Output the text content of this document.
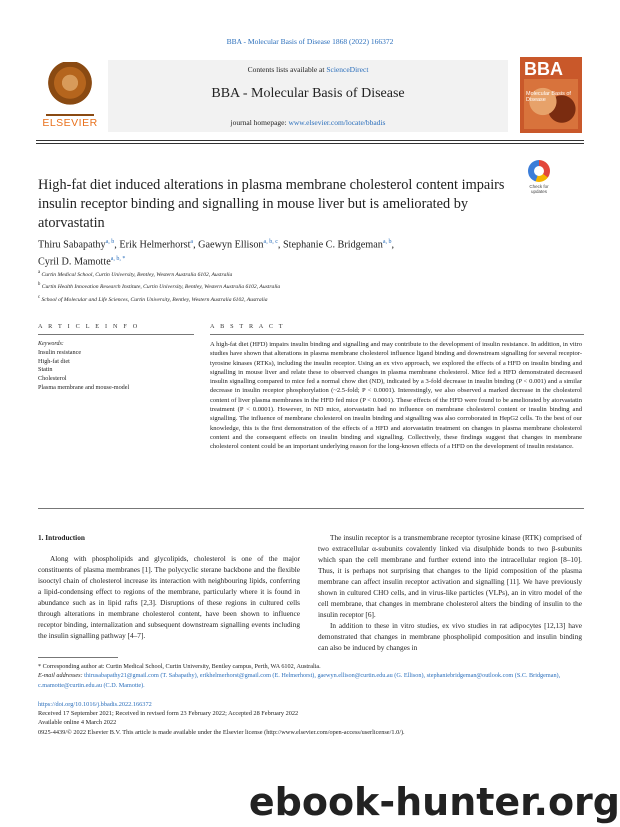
BBA - Molecular Basis of Disease 1868 (2022) 166372
ELSEVIER
Contents lists available at ScienceDirect
BBA - Molecular Basis of Disease
journal homepage: www.elsevier.com/locate/bbadis
BBA
Molecular Basis of Disease
High-fat diet induced alterations in plasma membrane cholesterol content impairs insulin receptor binding and signalling in mouse liver but is ameliorated by atorvastatin
Check for updates
Thiru Sabapathy$^{a, b}$, Erik Helmerhorst$^a$, Gaewyn Ellison$^{a, b, c}$, Stephanie C. Bridgeman$^{a, b}$,
Cyril D. Mamotte$^{a, b, *}$
$^a$ Curtin Medical School, Curtin University, Bentley, Western Australia 6102, Australia
$^b$ Curtin Health Innovation Research Institute, Curtin University, Bentley, Western Australia 6102, Australia
$^c$ School of Molecular and Life Sciences, Curtin University, Bentley, Western Australia 6102, Australia
A R T I C L E I N F O	A B S T R A C T
Keywords:
Insulin resistance
High-fat diet
Statin
Cholesterol
Plasma membrane and mouse-model
A high-fat diet (HFD) impairs insulin binding and signalling and may contribute to the development of insulin resistance. In addition, in vitro studies have shown that alterations in plasma membrane cholesterol influence ligand binding and downstream signalling for several receptor-tyrosine kinases (RTKs), including the insulin receptor. Using an ex vivo approach, we explored the effects of a HFD on insulin binding and signalling in mouse liver and relate these to observed changes in plasma membrane cholesterol. Mice fed a HFD demonstrated decreased insulin signalling compared to mice fed a normal chow diet (ND), indicated by a 3-fold decrease in insulin binding (P < 0.001) and a similar decrease in insulin receptor phosphorylation (~2.5-fold; P < 0.0001). Interestingly, we also observed a marked decrease in the cholesterol content of liver plasma membranes in the HFD fed mice (P < 0.0001). These effects of the HFD were found to be ameliorated by atorvastatin treatment (P < 0.0001). However, in ND mice, atorvastatin had no influence on membrane cholesterol content or insulin binding and signalling. The influence of membrane cholesterol on insulin binding and signalling was also corroborated in HepG2 cells. To the best of our knowledge, this is the first demonstration of the effects of a HFD and atorvastatin treatment on changes in plasma membrane cholesterol content and the consequent effects on insulin binding and signalling. Collectively, these findings suggest that changes in membrane cholesterol content could be an important underlying reason for the long-known effects of a HFD on the development of insulin resistance.
1. Introduction

Along with phospholipids and glycolipids, cholesterol is one of the major constituents of plasma membranes [1]. The polycyclic sterane backbone and the flexible isooctyl chain of cholesterol increase its interaction with neighbouring lipids, conferring a lipid-condensing effect to regions of the membrane, particularly where it is found in abundance such as in lipid rafts [2,3]. Disruptions of these regions in cultured cells through alterations in membrane cholesterol content, have been shown to influence receptor binding, internalization and subsequent downstream signalling events including the insulin signalling pathway [4–7].

The insulin receptor is a transmembrane receptor tyrosine kinase (RTK) comprised of two extracellular α-subunits covalently linked via disulphide bonds to two β-subunits which span the cell membrane and further extend into the intracellular region [8–10]. Thus, it is perhaps not surprising that changes to the lipid composition of the plasma membrane can affect insulin receptor activation and signalling [11]. We have previously shown in cultured CHO cells, and in virus-like particles (VLPs), an in vitro model of the cell membrane, that changes in membrane cholesterol alters the binding of insulin to the insulin receptor [6].

In addition to these in vitro studies, ex vivo studies in rat adipocytes [12,13] have demonstrated that changes in membrane phospholipid composition and insulin binding can also be induced by changes in

* Corresponding author at: Curtin Medical School, Curtin University, Bentley campus, Perth, WA 6102, Australia.
E-mail addresses: thirusabapathy21@gmail.com (T. Sabapathy), erikhelmerhorst@gmail.com (E. Helmerhorst), gaewyn.ellison@curtin.edu.au (G. Ellison), stephaniebridgeman@outlook.com (S.C. Bridgeman), c.mamotte@curtin.edu.au (C.D. Mamotte).
https://doi.org/10.1016/j.bbadis.2022.166372
Received 17 September 2021; Received in revised form 23 February 2022; Accepted 28 February 2022
Available online 4 March 2022
0925-4439/© 2022 Elsevier B.V. This article is made available under the Elsevier license (http://www.elsevier.com/open-access/userlicense/1.0/).
ebook-hunter.org
